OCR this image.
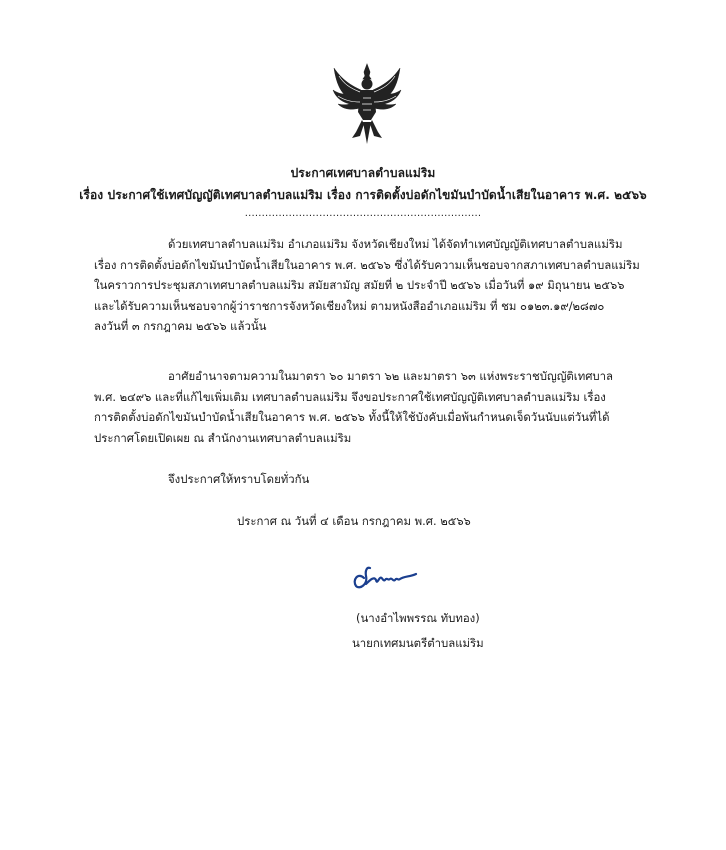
ประกาศเทศบาลตำบลแม่ริม
เรื่อง ประกาศใช้เทศบัญญัติเทศบาลตำบลแม่ริม เรื่อง การติดตั้งบ่อดักไขมันบำบัดน้ำเสียในอาคาร พ.ศ. ๒๕๖๖
......................................................................
ด้วยเทศบาลตำบลแม่ริม อำเภอแม่ริม จังหวัดเชียงใหม่ ได้จัดทำเทศบัญญัติเทศบาลตำบลแม่ริม
เรื่อง การติดตั้งบ่อดักไขมันบำบัดน้ำเสียในอาคาร พ.ศ. ๒๕๖๖ ซึ่งได้รับความเห็นชอบจากสภาเทศบาลตำบลแม่ริม
ในคราวการประชุมสภาเทศบาลตำบลแม่ริม สมัยสามัญ สมัยที่ ๒ ประจำปี ๒๕๖๖ เมื่อวันที่ ๑๙ มิถุนายน ๒๕๖๖
และได้รับความเห็นชอบจากผู้ว่าราชการจังหวัดเชียงใหม่ ตามหนังสืออำเภอแม่ริม ที่ ชม ๐๑๒๓.๑๙/๒๘๗๐
ลงวันที่ ๓ กรกฎาคม ๒๕๖๖ แล้วนั้น
อาศัยอำนาจตามความในมาตรา ๖๐ มาตรา ๖๒ และมาตรา ๖๓ แห่งพระราชบัญญัติเทศบาล
พ.ศ. ๒๔๙๖ และที่แก้ไขเพิ่มเติม เทศบาลตำบลแม่ริม จึงขอประกาศใช้เทศบัญญัติเทศบาลตำบลแม่ริม เรื่อง
การติดตั้งบ่อดักไขมันบำบัดน้ำเสียในอาคาร พ.ศ. ๒๕๖๖ ทั้งนี้ให้ใช้บังคับเมื่อพ้นกำหนดเจ็ดวันนับแต่วันที่ได้
ประกาศโดยเปิดเผย ณ สำนักงานเทศบาลตำบลแม่ริม
จึงประกาศให้ทราบโดยทั่วกัน
ประกาศ ณ วันที่ ๔ เดือน กรกฎาคม พ.ศ. ๒๕๖๖
(นางอำไพพรรณ ทับทอง)
นายกเทศมนตรีตำบลแม่ริม
